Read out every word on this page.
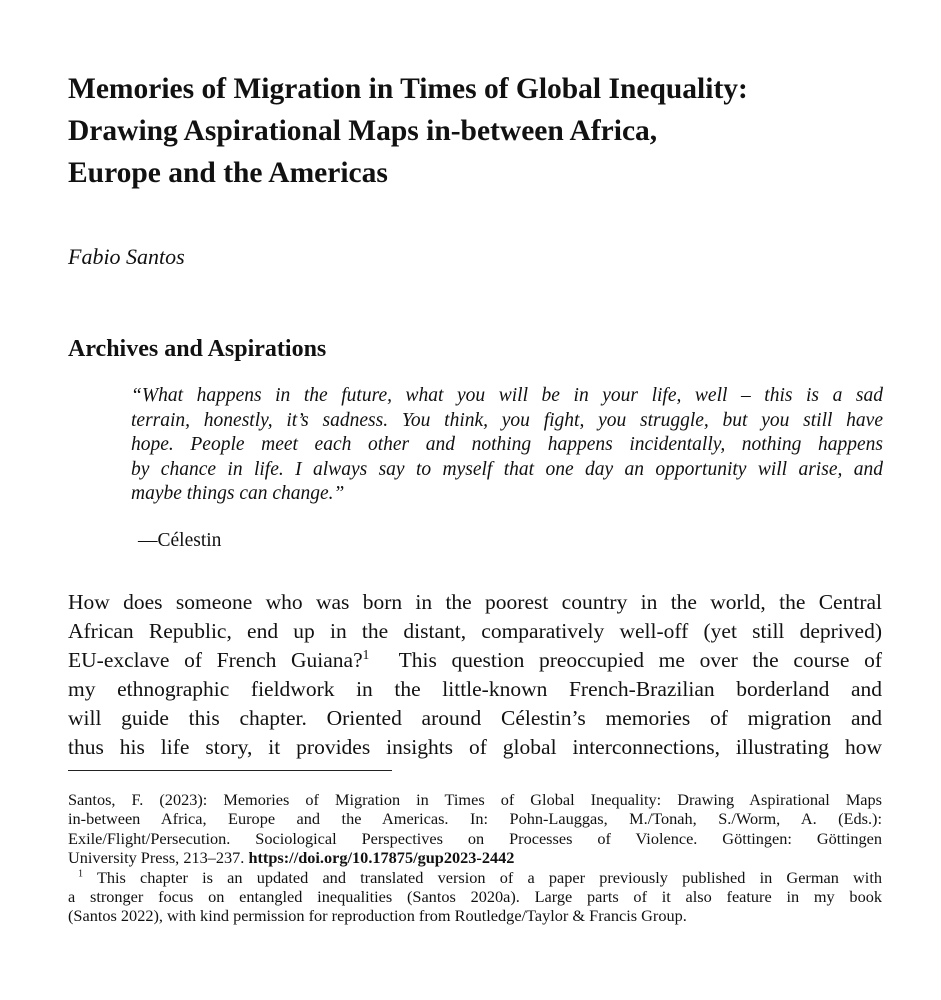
Memories of Migration in Times of Global Inequality:
Drawing Aspirational Maps in-between Africa,
Europe and the Americas
Fabio Santos
Archives and Aspirations
“What happens in the future, what you will be in your life, well – this is a sad
terrain, honestly, it’s sadness. You think, you fight, you struggle, but you still have
hope. People meet each other and nothing happens incidentally, nothing happens
by chance in life. I always say to myself that one day an opportunity will arise, and
maybe things can change.”
—Célestin
How does someone who was born in the poorest country in the world, the Central
African Republic, end up in the distant, comparatively well-off (yet still deprived)
EU-exclave of French Guiana?$^1$ This question preoccupied me over the course of
my ethnographic fieldwork in the little-known French-Brazilian borderland and
will guide this chapter. Oriented around Célestin’s memories of migration and
thus his life story, it provides insights of global interconnections, illustrating how
Santos, F. (2023): Memories of Migration in Times of Global Inequality: Drawing Aspirational Maps
in-between Africa, Europe and the Americas. In: Pohn-Lauggas, M./Tonah, S./Worm, A. (Eds.):
Exile/Flight/Persecution. Sociological Perspectives on Processes of Violence. Göttingen: Göttingen
University Press, 213–237. https://doi.org/10.17875/gup2023-2442
$^1$ This chapter is an updated and translated version of a paper previously published in German with
a stronger focus on entangled inequalities (Santos 2020a). Large parts of it also feature in my book
(Santos 2022), with kind permission for reproduction from Routledge/Taylor & Francis Group.
